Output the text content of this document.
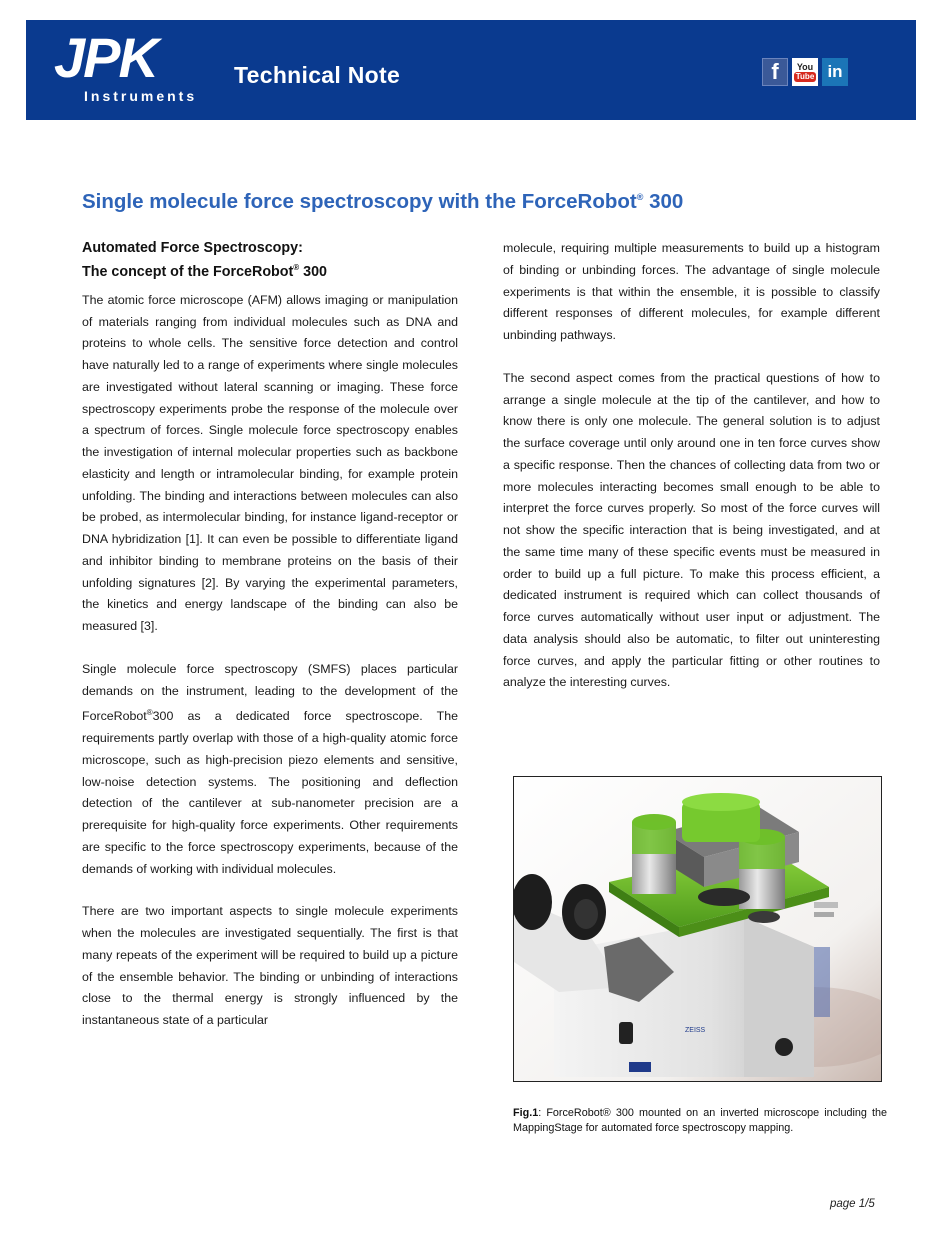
JPK
Instruments
Technical Note	f You
Tube in
Single molecule force spectroscopy with the ForceRobot® 300
Automated Force Spectroscopy:
The concept of the ForceRobot® 300

The atomic force microscope (AFM) allows imaging or manipulation of materials ranging from individual molecules such as DNA and proteins to whole cells. The sensitive force detection and control have naturally led to a range of experiments where single molecules are investigated without lateral scanning or imaging. These force spectroscopy experiments probe the response of the molecule over a spectrum of forces. Single molecule force spectroscopy enables the investigation of internal molecular properties such as backbone elasticity and length or intramolecular binding, for example protein unfolding. The binding and interactions between molecules can also be probed, as intermolecular binding, for instance ligand-receptor or DNA hybridization [1]. It can even be possible to differentiate ligand and inhibitor binding to membrane proteins on the basis of their unfolding signatures [2]. By varying the experimental parameters, the kinetics and energy landscape of the binding can also be measured [3].

Single molecule force spectroscopy (SMFS) places particular demands on the instrument, leading to the development of the ForceRobot®300 as a dedicated force spectroscope. The requirements partly overlap with those of a high-quality atomic force microscope, such as high-precision piezo elements and sensitive, low-noise detection systems. The positioning and deflection detection of the cantilever at sub-nanometer precision are a prerequisite for high-quality force experiments. Other requirements are specific to the force spectroscopy experiments, because of the demands of working with individual molecules.

There are two important aspects to single molecule experiments when the molecules are investigated sequentially. The first is that many repeats of the experiment will be required to build up a picture of the ensemble behavior. The binding or unbinding of interactions close to the thermal energy is strongly influenced by the instantaneous state of a particular

molecule, requiring multiple measurements to build up a histogram of binding or unbinding forces. The advantage of single molecule experiments is that within the ensemble, it is possible to classify different responses of different molecules, for example different unbinding pathways.

The second aspect comes from the practical questions of how to arrange a single molecule at the tip of the cantilever, and how to know there is only one molecule. The general solution is to adjust the surface coverage until only around one in ten force curves show a specific response. Then the chances of collecting data from two or more molecules interacting becomes small enough to be able to interpret the force curves properly. So most of the force curves will not show the specific interaction that is being investigated, and at the same time many of these specific events must be measured in order to build up a full picture. To make this process efficient, a dedicated instrument is required which can collect thousands of force curves automatically without user input or adjustment. The data analysis should also be automatic, to filter out uninteresting force curves, and apply the particular fitting or other routines to analyze the interesting curves.

ZEISS
Fig.1: ForceRobot® 300 mounted on an inverted microscope including the MappingStage for automated force spectroscopy mapping.
page 1/5
